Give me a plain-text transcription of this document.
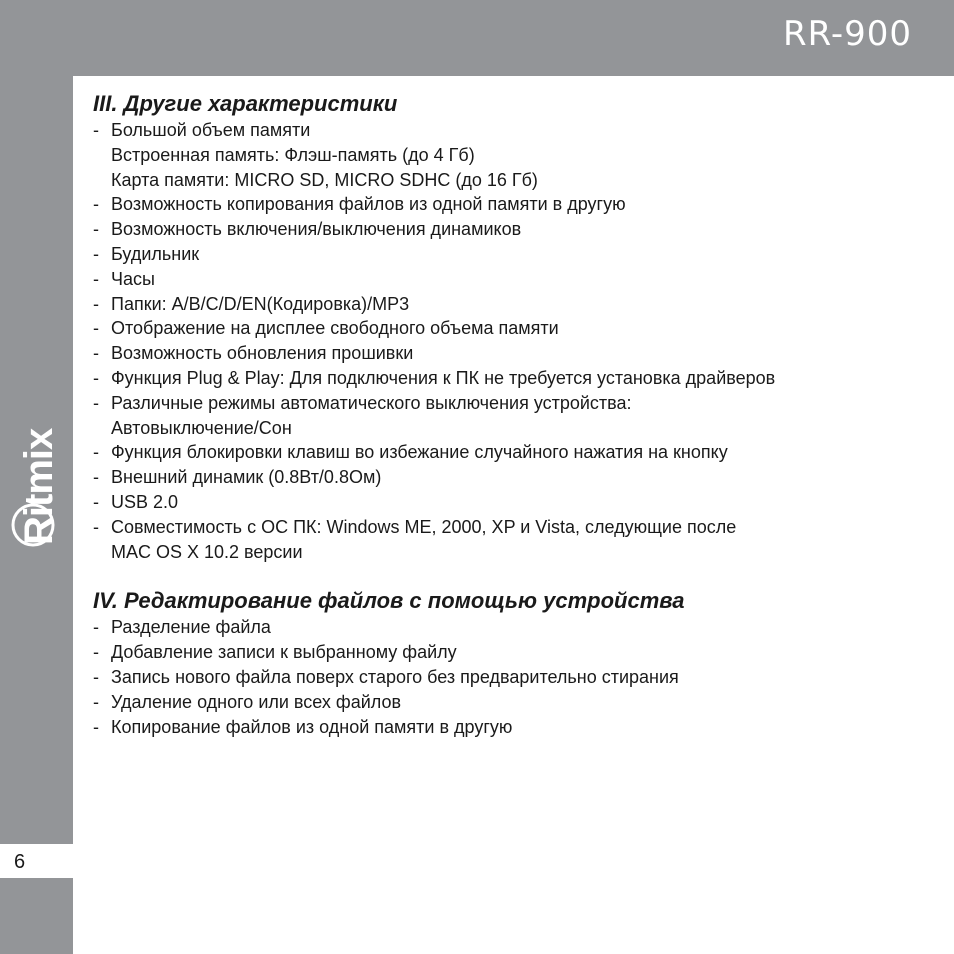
RR-900
Ritmix
6
III. Другие характеристики
- Большой объем памяти
Встроенная память: Флэш-память (до 4 Гб)
Карта памяти: MICRO SD, MICRO SDHC (до 16 Гб)
- Возможность копирования файлов из одной памяти в другую
- Возможность включения/выключения динамиков
- Будильник
- Часы
- Папки: A/B/C/D/EN(Кодировка)/MP3
- Отображение на дисплее свободного объема памяти
- Возможность обновления прошивки
- Функция Plug & Play: Для подключения к ПК не требуется установка драйверов
- Различные режимы автоматического выключения устройства:
Автовыключение/Сон
- Функция блокировки клавиш во избежание случайного нажатия на кнопку
- Внешний динамик (0.8Вт/0.8Ом)
- USB 2.0
- Совместимость с ОС ПК: Windows ME, 2000, XP и Vista, следующие после
MAC OS X 10.2 версии
IV. Редактирование файлов с помощью устройства
- Разделение файла
- Добавление записи к выбранному файлу
- Запись нового файла поверх старого без предварительно стирания
- Удаление одного или всех файлов
- Копирование файлов из одной памяти в другую
